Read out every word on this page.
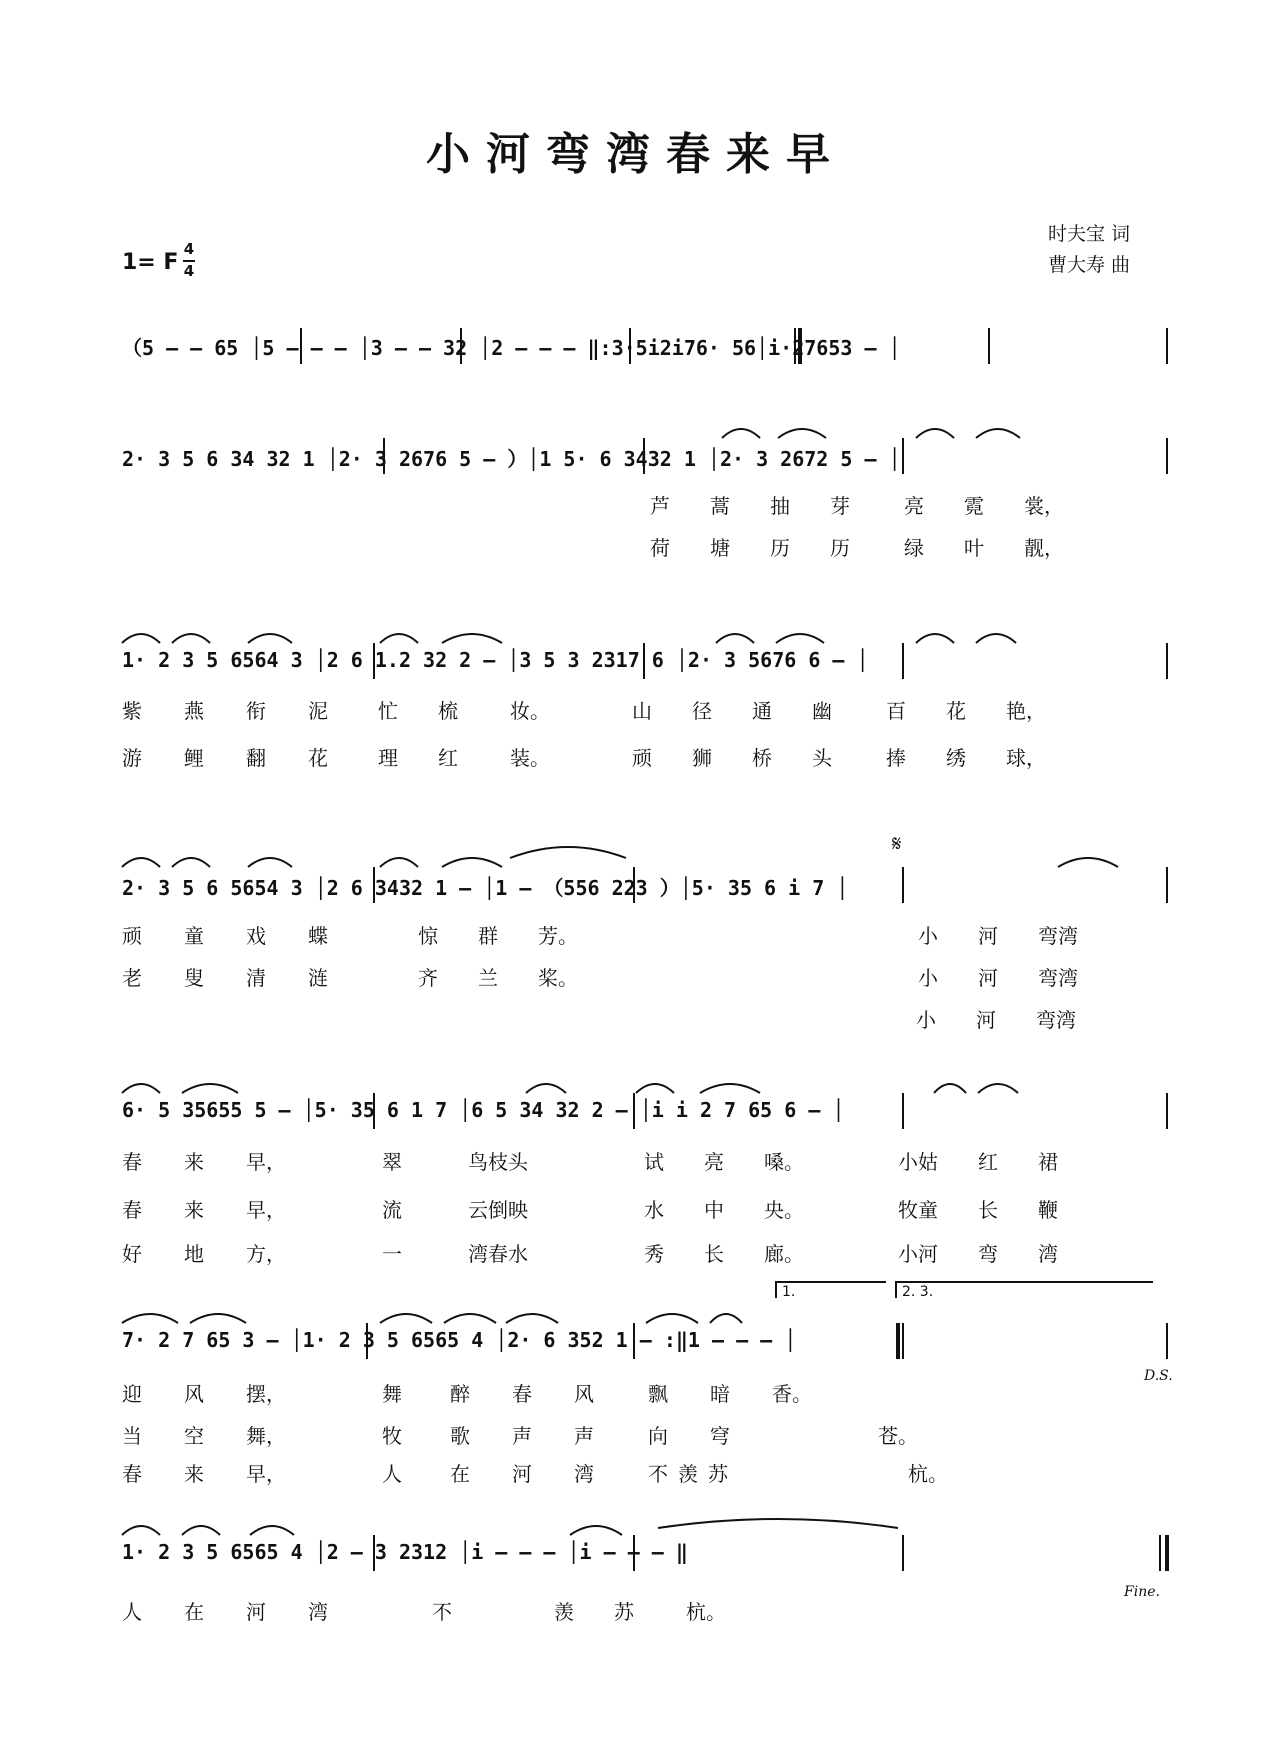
小河弯湾春来早
时夫宝 词
曹大寿 曲
1= F
4
4
（5 – – 65 │5 – – – │3 – – 32 │2 – – – ‖:3·5i2i76· 56│i·27653 – │
2· 3 5 6 34 32 1 │2· 3 2676 5 – ）│1 5· 6 3432 1 │2· 3 2672 5 – │
芦 蒿 抽 芽	亮 霓 裳，
荷 塘 历 历	绿 叶 靓，
1· 2 3 5 6564 3 │2 6 1.2 32 2 – │3 5 3 2317 6 │2· 3 5676 6 – │
紫 燕 衔 泥	忙 梳	妆。	山 径 通 幽	百 花 艳，
游 鲤 翻 花	理 红	装。	顽 狮 桥 头	捧 绣 球，
2· 3 5 6 5654 3 │2 6 3432 1 – │1 – （556 223 ）│5· 35 6 i 7 │
𝄋
顽 童 戏 蝶	惊 群 芳。	小 河 弯湾
老 叟 清 涟	齐 兰 桨。	小 河 弯湾
小 河 弯湾
6· 5 35655 5 – │5· 35 6 1 7 │6 5 34 32 2 – │i i 2 7 65 6 – │
春 来 早，	翠	鸟枝头	试 亮 嗓。	小姑 红 裙
春 来 早，	流	云倒映	水 中 央。	牧童 长 鞭
好 地 方，	一	湾春水	秀 长 廊。	小河 弯 湾
1.	2. 3.
7· 2 7 65 3 – │1· 2 3 5 6565 4 │2· 6 352 1 – :‖1 – – – │
D.S.
迎 风 摆，	舞 醉 春 风	飘 暗 香。
当 空 舞，	牧 歌 声 声	向 穹	苍。
春 来 早，	人 在 河 湾	不 羡 苏	杭。
1· 2 3 5 6565 4 │2 – 3 2312 │i – – – │i – – – ‖
Fine.
人 在 河 湾	不	羡 苏	杭。
